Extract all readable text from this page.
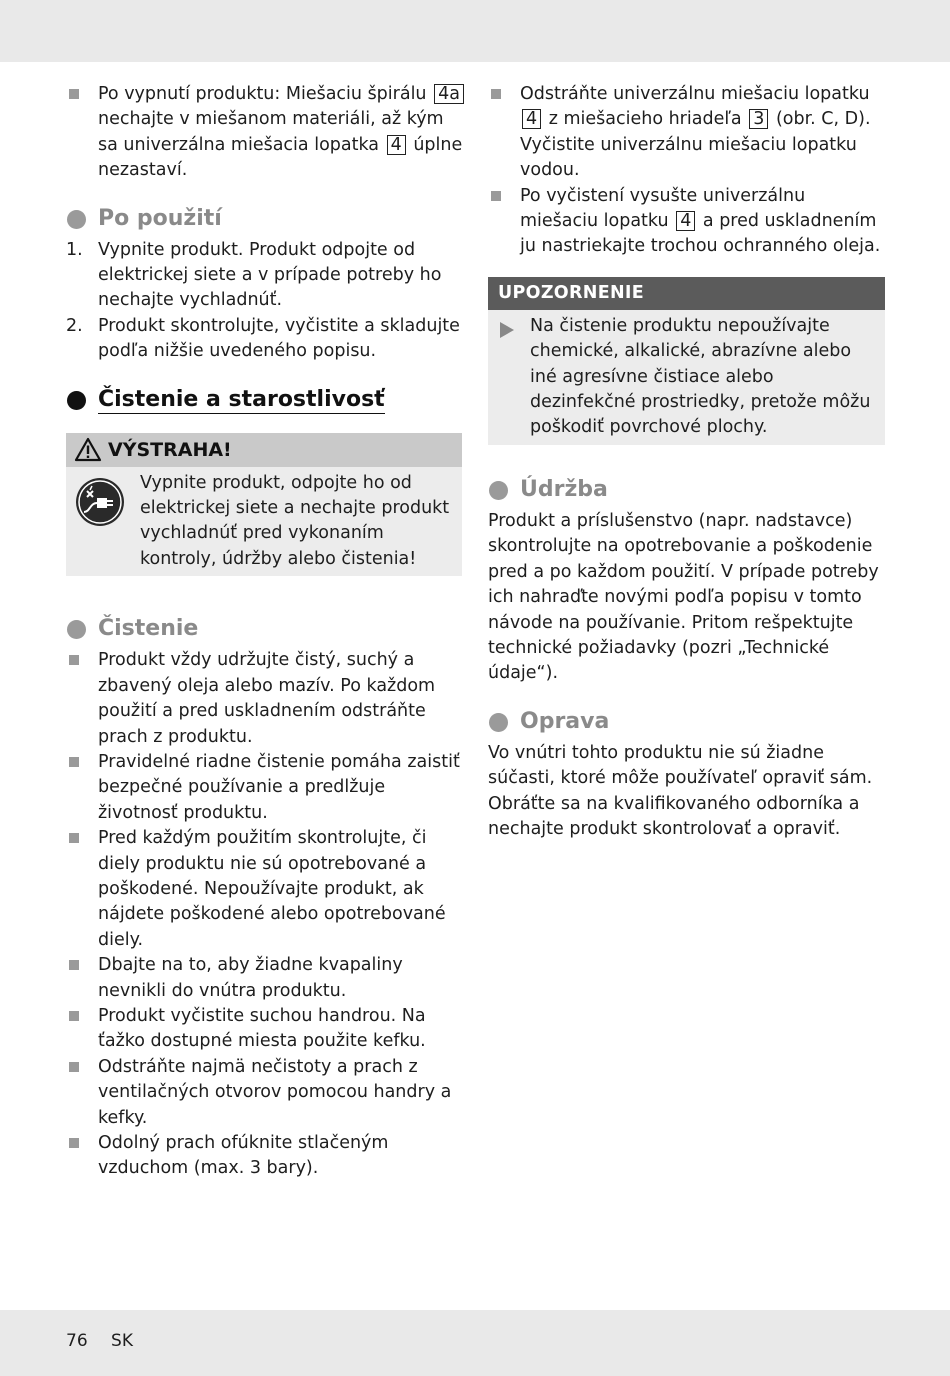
Po vypnutí produktu: Miešaciu špirálu 4a nechajte v miešanom materiáli, až kým sa univerzálna miešacia lopatka 4 úplne nezastaví.
Po použití
1. Vypnite produkt. Produkt odpojte od elektrickej siete a v prípade potreby ho nechajte vychladnúť.
2. Produkt skontrolujte, vyčistite a skladujte podľa nižšie uvedeného popisu.
Čistenie a starostlivosť
VÝSTRAHA!
Vypnite produkt, odpojte ho od elektrickej siete a nechajte produkt vychladnúť pred vykonaním kontroly, údržby alebo čistenia!
Čistenie
Produkt vždy udržujte čistý, suchý a zbavený oleja alebo mazív. Po každom použití a pred uskladnením odstráňte prach z produktu.
Pravidelné riadne čistenie pomáha zaistiť bezpečné používanie a predlžuje životnosť produktu.
Pred každým použitím skontrolujte, či diely produktu nie sú opotrebované a poškodené. Nepoužívajte produkt, ak nájdete poškodené alebo opotrebované diely.
Dbajte na to, aby žiadne kvapaliny nevnikli do vnútra produktu.
Produkt vyčistite suchou handrou. Na ťažko dostupné miesta použite kefku.
Odstráňte najmä nečistoty a prach z ventilačných otvorov pomocou handry a kefky.
Odolný prach ofúknite stlačeným vzduchom (max. 3 bary).
Odstráňte univerzálnu miešaciu lopatku 4 z miešacieho hriadeľa 3 (obr. C, D). Vyčistite univerzálnu miešaciu lopatku vodou.
Po vyčistení vysušte univerzálnu miešaciu lopatku 4 a pred uskladnením ju nastriekajte trochou ochranného oleja.
UPOZORNENIE
Na čistenie produktu nepoužívajte chemické, alkalické, abrazívne alebo iné agresívne čistiace alebo dezinfekčné prostriedky, pretože môžu poškodiť povrchové plochy.
Údržba

Produkt a príslušenstvo (napr. nadstavce) skontrolujte na opotrebovanie a poškodenie pred a po každom použití. V prípade potreby ich nahraďte novými podľa popisu v tomto návode na používanie. Pritom rešpektujte technické požiadavky (pozri „Technické údaje“).

Oprava

Vo vnútri tohto produktu nie sú žiadne súčasti, ktoré môže používateľ opraviť sám. Obráťte sa na kvalifikovaného odborníka a nechajte produkt skontrolovať a opraviť.

76 SK
